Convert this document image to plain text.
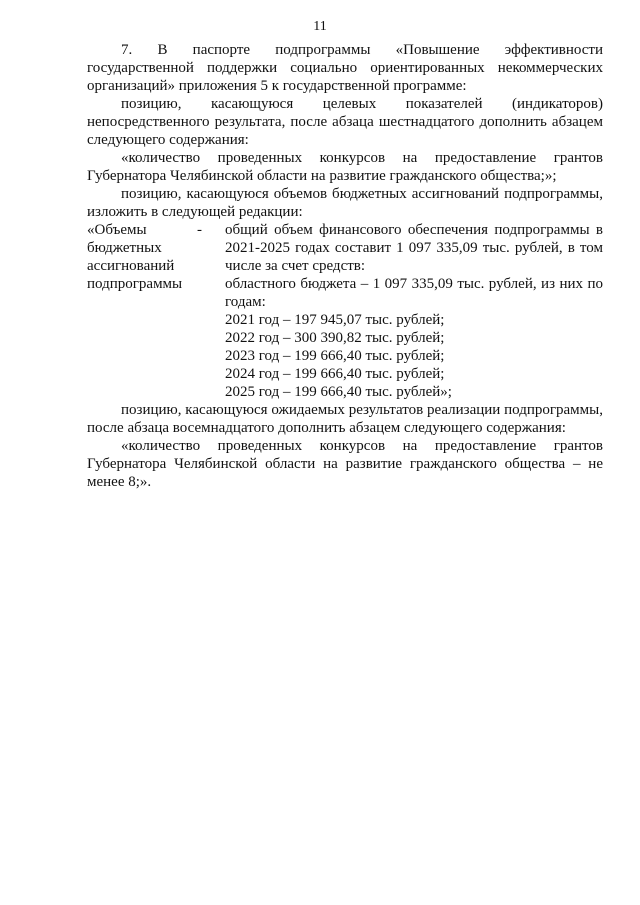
11

7. В паспорте подпрограммы «Повышение эффективности государственной поддержки социально ориентированных некоммерческих организаций» приложения 5 к государственной программе:

позицию, касающуюся целевых показателей (индикаторов) непосредственного результата, после абзаца шестнадцатого дополнить абзацем следующего содержания:

«количество проведенных конкурсов на предоставление грантов Губернатора Челябинской области на развитие гражданского общества;»;

позицию, касающуюся объемов бюджетных ассигнований подпрограммы, изложить в следующей редакции:

«Объемы
бюджетных
ассигнований
подпрограммы
-	общий объем финансового обеспечения подпрограммы в 2021-2025 годах составит 1 097 335,09 тыс. рублей, в том числе за счет средств:

областного бюджета – 1 097 335,09 тыс. рублей, из них по годам:

2021 год – 197 945,07 тыс. рублей;
2022 год – 300 390,82 тыс. рублей;
2023 год – 199 666,40 тыс. рублей;
2024 год – 199 666,40 тыс. рублей;
2025 год – 199 666,40 тыс. рублей»;

позицию, касающуюся ожидаемых результатов реализации подпрограммы, после абзаца восемнадцатого дополнить абзацем следующего содержания:

«количество проведенных конкурсов на предоставление грантов Губернатора Челябинской области на развитие гражданского общества – не менее 8;».
